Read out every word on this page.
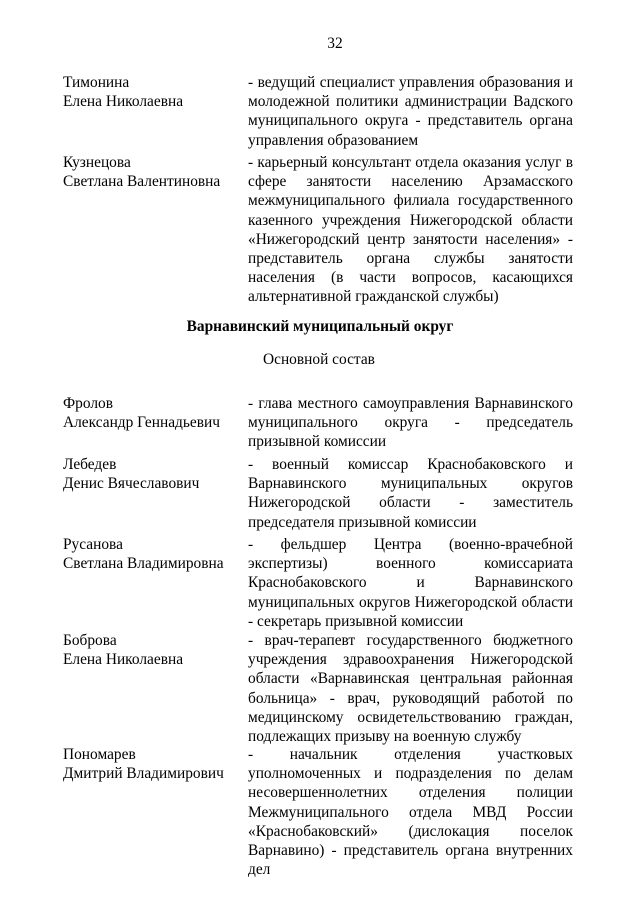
32
Тимонина
Елена Николаевна
- ведущий специалист управления образования и молодежной политики администрации Вадского муниципального округа - представитель органа управления образованием
Кузнецова
Светлана Валентиновна
- карьерный консультант отдела оказания услуг в сфере занятости населению Арзамасского межмуниципального филиала государственного казенного учреждения Нижегородской области «Нижегородский центр занятости населения» - представитель органа службы занятости населения (в части вопросов, касающихся альтернативной гражданской службы)
Варнавинский муниципальный округ
Основной состав
Фролов
Александр Геннадьевич
- глава местного самоуправления Варнавинского муниципального округа - председатель призывной комиссии
Лебедев
Денис Вячеславович
- военный комиссар Краснобаковского и Варнавинского муниципальных округов Нижегородской области - заместитель председателя призывной комиссии
Русанова
Светлана Владимировна
- фельдшер Центра (военно-врачебной экспертизы) военного комиссариата Краснобаковского и Варнавинского муниципальных округов Нижегородской области - секретарь призывной комиссии
Боброва
Елена Николаевна
- врач-терапевт государственного бюджетного учреждения здравоохранения Нижегородской области «Варнавинская центральная районная больница» - врач, руководящий работой по медицинскому освидетельствованию граждан, подлежащих призыву на военную службу
Пономарев
Дмитрий Владимирович
- начальник отделения участковых уполномоченных и подразделения по делам несовершеннолетних отделения полиции Межмуниципального отдела МВД России «Краснобаковский» (дислокация поселок Варнавино) - представитель органа внутренних дел
